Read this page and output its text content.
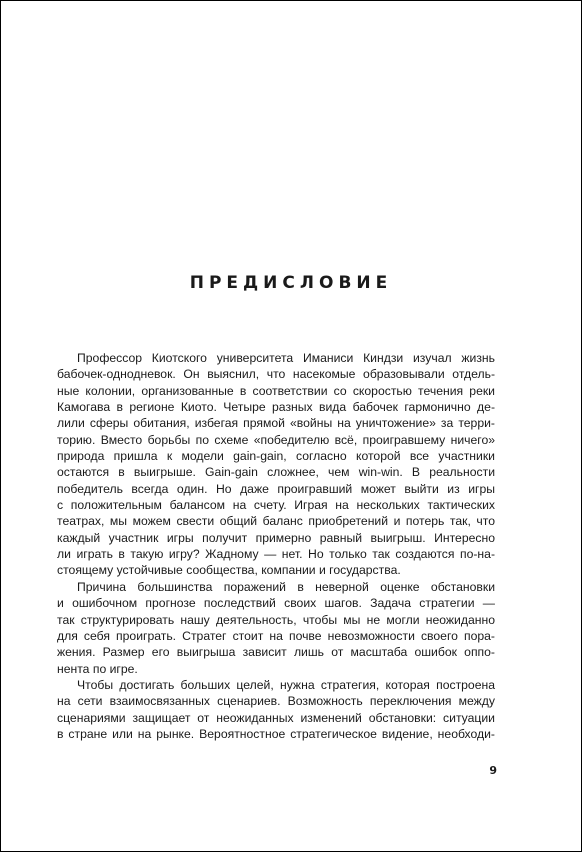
ПРЕДИСЛОВИЕ
Профессор Киотского университета Иманиси Киндзи изучал жизнь
бабочек-однодневок. Он выяснил, что насекомые образовывали отдель-
ные колонии, организованные в соответствии со скоростью течения реки
Камогава в регионе Киото. Четыре разных вида бабочек гармонично де-
лили сферы обитания, избегая прямой «войны на уничтожение» за терри-
торию. Вместо борьбы по схеме «победителю всё, проигравшему ничего»
природа пришла к модели gain-gain, согласно которой все участники
остаются в выигрыше. Gain-gain сложнее, чем win-win. В реальности
победитель всегда один. Но даже проигравший может выйти из игры
с положительным балансом на счету. Играя на нескольких тактических
театрах, мы можем свести общий баланс приобретений и потерь так, что
каждый участник игры получит примерно равный выигрыш. Интересно
ли играть в такую игру? Жадному — нет. Но только так создаются по-на-
стоящему устойчивые сообщества, компании и государства.
Причина большинства поражений в неверной оценке обстановки
и ошибочном прогнозе последствий своих шагов. Задача стратегии —
так структурировать нашу деятельность, чтобы мы не могли неожиданно
для себя проиграть. Стратег стоит на почве невозможности своего пора-
жения. Размер его выигрыша зависит лишь от масштаба ошибок оппо-
нента по игре.
Чтобы достигать больших целей, нужна стратегия, которая построена
на сети взаимосвязанных сценариев. Возможность переключения между
сценариями защищает от неожиданных изменений обстановки: ситуации
в стране или на рынке. Вероятностное стратегическое видение, необходи-

9
